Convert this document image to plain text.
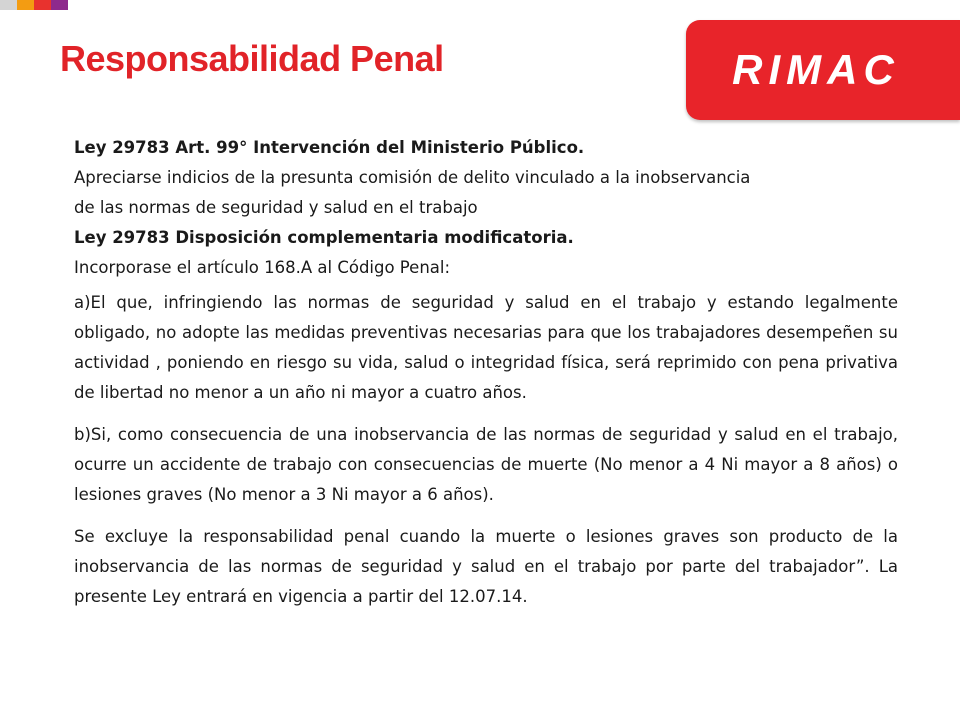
Responsabilidad Penal	RIMAC
Ley 29783 Art. 99° Intervención del Ministerio Público.
Apreciarse indicios de la presunta comisión de delito vinculado a la inobservancia
de las normas de seguridad y salud en el trabajo
Ley 29783 Disposición complementaria modificatoria.
Incorporase el artículo 168.A al Código Penal:

a)El que, infringiendo las normas de seguridad y salud en el trabajo y estando legalmente obligado, no adopte las medidas preventivas necesarias para que los trabajadores desempeñen su actividad , poniendo en riesgo su vida, salud o integridad física, será reprimido con pena privativa de libertad no menor a un año ni mayor a cuatro años.

b)Si, como consecuencia de una inobservancia de las normas de seguridad y salud en el trabajo, ocurre un accidente de trabajo con consecuencias de muerte (No menor a 4 Ni mayor a 8 años) o lesiones graves (No menor a 3 Ni mayor a 6 años).

Se excluye la responsabilidad penal cuando la muerte o lesiones graves son producto de la inobservancia de las normas de seguridad y salud en el trabajo por parte del trabajador”. La presente Ley entrará en vigencia a partir del 12.07.14.
